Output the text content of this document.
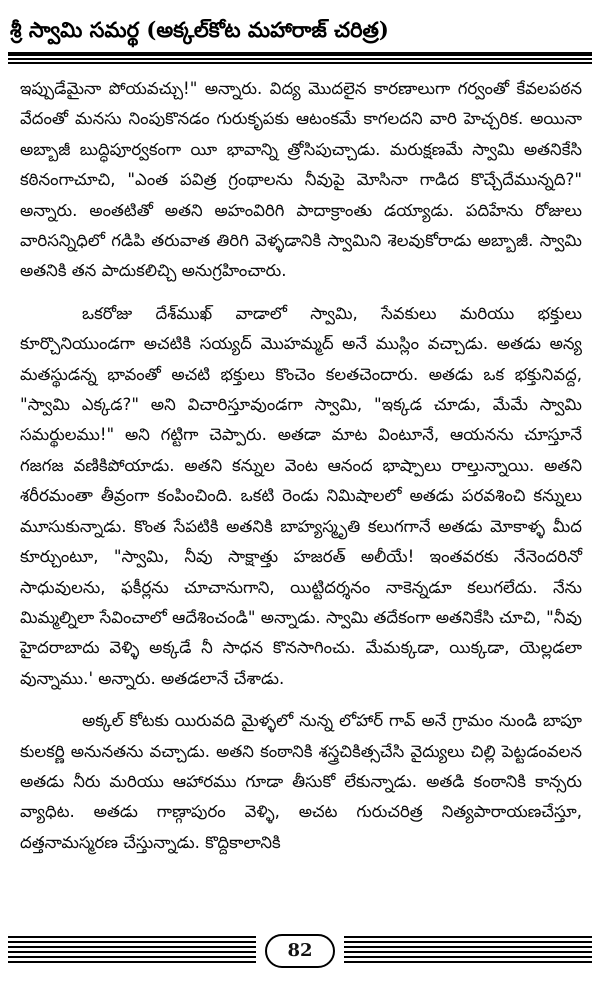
శ్రీ స్వామి సమర్థ (అక్కల్‌కోట మహారాజ్ చరిత్ర)

ఇప్పుడేమైనా పోయవచ్చు!" అన్నారు. విద్య మొదలైన కారణాలుగా గర్వంతో కేవలపఠన వేదంతో మనసు నింపుకొనడం గురుకృపకు ఆటంకమే కాగలదని వారి హెచ్చరిక. అయినా అబ్బాజీ బుద్ధిపూర్వకంగా యీ భావాన్ని త్రోసిపుచ్చాడు. మరుక్షణమే స్వామి అతనికేసి కఠినంగాచూచి, "ఎంత పవిత్ర గ్రంథాలను నీవుపై మోసినా గాడిద కొచ్చేదేమున్నది?" అన్నారు. అంతటితో అతని అహంవిరిగి పాదాక్రాంతు డయ్యాడు. పదిహేను రోజులు వారిసన్నిధిలో గడిపి తరువాత తిరిగి వెళ్ళడానికి స్వామిని శెలవుకోరాడు అబ్బాజీ. స్వామి అతనికి తన పాదుకలిచ్చి అనుగ్రహించారు.

ఒకరోజు దేశ్‌ముఖ్ వాడాలో స్వామి, సేవకులు మరియు భక్తులు కూర్చొనియుండగా అచటికి సయ్యద్ మొహమ్మద్ అనే ముస్లిం వచ్చాడు. అతడు అన్య మతస్థుడన్న భావంతో అచటి భక్తులు కొంచెం కలతచెందారు. అతడు ఒక భక్తునివద్ద, "స్వామి ఎక్కడ?" అని విచారిస్తూవుండగా స్వామి, "ఇక్కడ చూడు, మేమే స్వామి సమర్థులము!" అని గట్టిగా చెప్పారు. అతడా మాట వింటూనే, ఆయనను చూస్తూనే గజగజ వణికిపోయాడు. అతని కన్నుల వెంట ఆనంద భాష్పాలు రాల్తున్నాయి. అతని శరీరమంతా తీవ్రంగా కంపించింది. ఒకటి రెండు నిమిషాలలో అతడు పరవశించి కన్నులు మూసుకున్నాడు. కొంత సేపటికి అతనికి బాహ్యస్మృతి కలుగగానే అతడు మోకాళ్ళ మీద కూర్చుంటూ, "స్వామి, నీవు సాక్షాత్తు హజరత్ అలీయే! ఇంతవరకు నేనెందరినో సాధువులను, ఫకీర్లను చూచానుగాని, యిట్టిదర్శనం నాకెన్నడూ కలుగలేదు. నేను మిమ్మల్నిలా సేవించాలో ఆదేశించండి" అన్నాడు. స్వామి తదేకంగా అతనికేసి చూచి, "నీవు హైదరాబాదు వెళ్ళి అక్కడే నీ సాధన కొనసాగించు. మేమక్కడా, యిక్కడా, యెల్లడలా వున్నాము.' అన్నారు. అతడలానే చేశాడు.

అక్కల్ కోటకు యిరువది మైళ్ళలో నున్న లోహార్ గావ్ అనే గ్రామం నుండి బాపూ కులకర్ణి అనునతను వచ్చాడు. అతని కంఠానికి శస్త్రచికిత్సచేసి వైద్యులు చిల్లి పెట్టడంవలన అతడు నీరు మరియు ఆహారము గూడా తీసుకో లేకున్నాడు. అతడి కంఠానికి కాన్సరు వ్యాధిట. అతడు గాణ్గాపురం వెళ్ళి, అచట గురుచరిత్ర నిత్యపారాయణచేస్తూ, దత్తనామస్మరణ చేస్తున్నాడు. కొద్దికాలానికి

82
